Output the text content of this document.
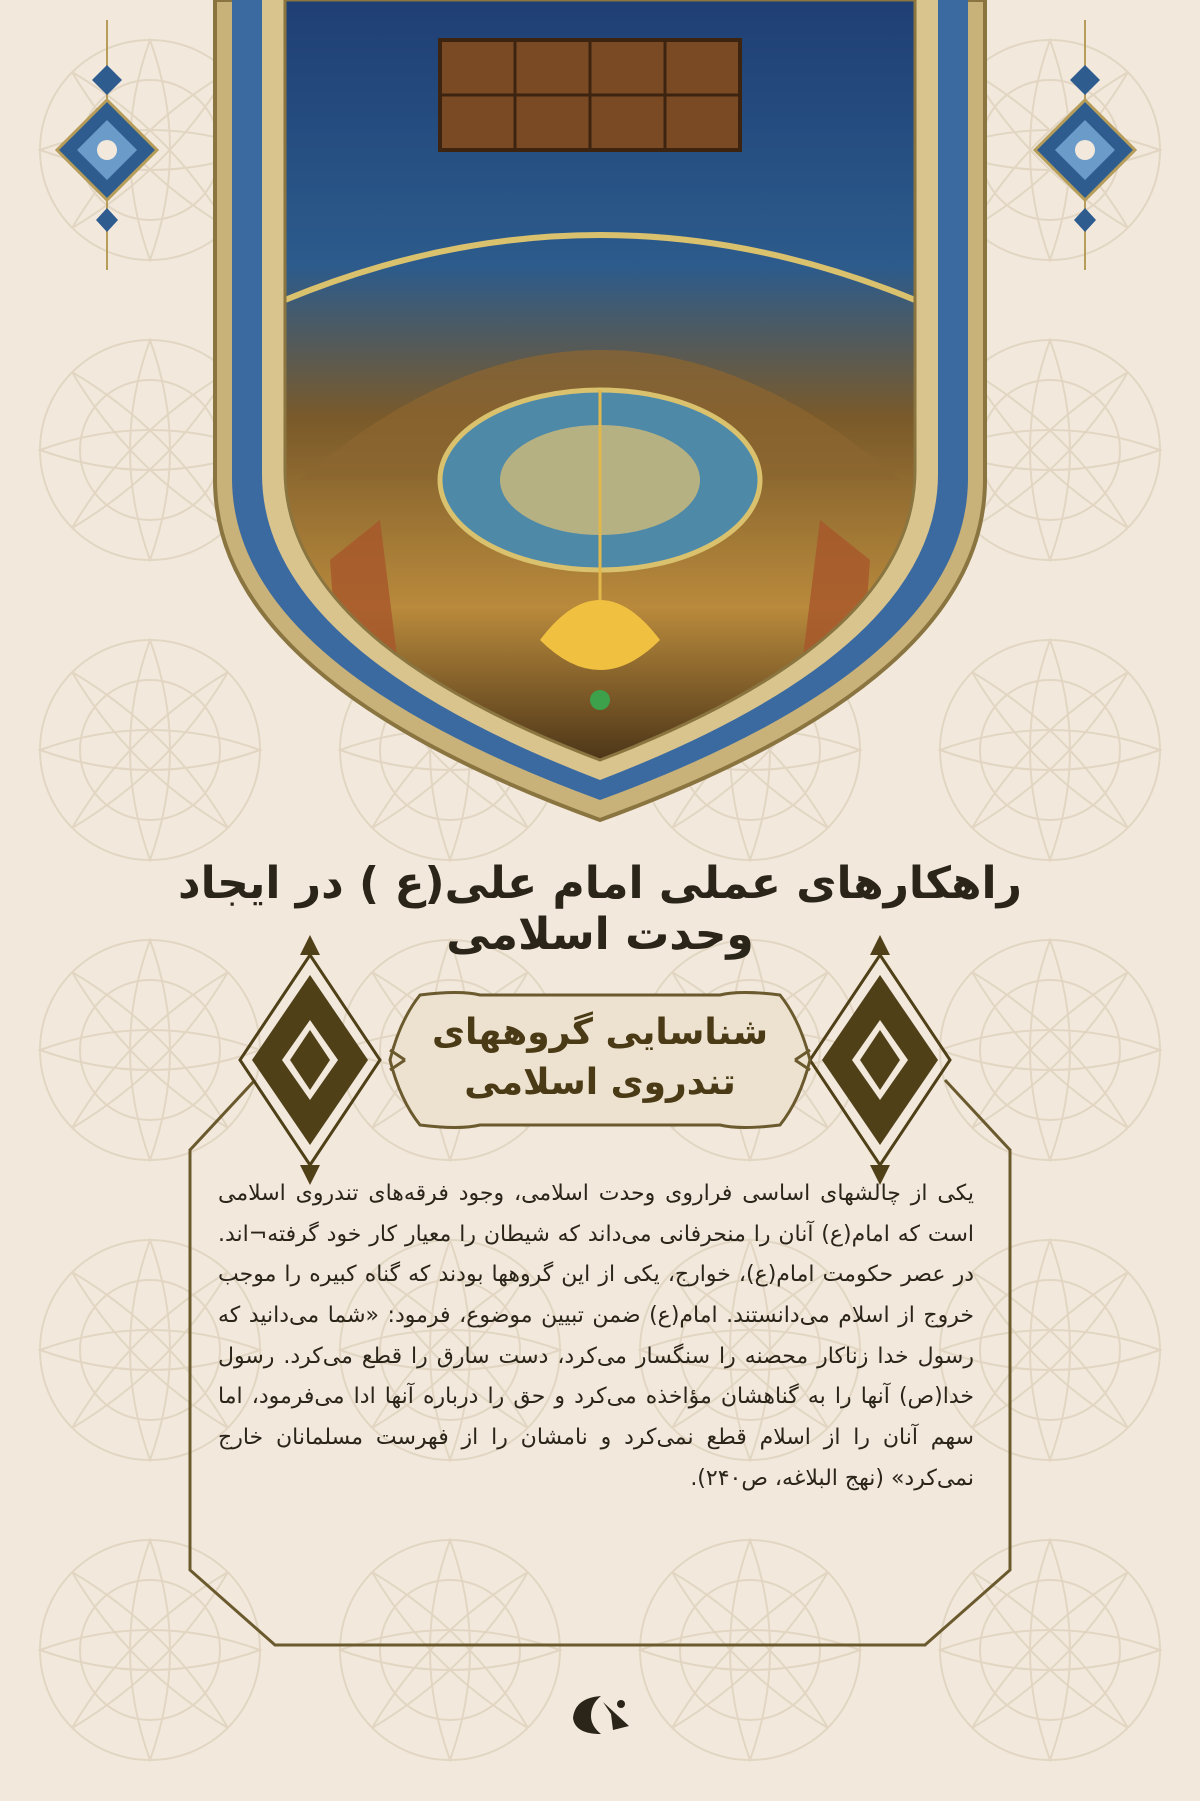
راهکارهای عملی امام علی(ع ) در ایجاد وحدت اسلامی
شناسایی گروههای
تندروی اسلامی

یکی از چالشهای اساسی فراروی وحدت اسلامی، وجود فرقه‌های تندروی اسلامی است که امام(ع) آنان را منحرفانی می‌داند که شیطان را معیار کار خود گرفته¬اند. در عصر حکومت امام(ع)، خوارج، یکی از این گروهها بودند که گناه کبیره را موجب خروج از اسلام می‌دانستند. امام(ع) ضمن تبیین موضوع، فرمود: «شما می‌دانید که رسول خدا زناکار محصنه را سنگسار می‌کرد، دست سارق را قطع می‌کرد. رسول خدا(ص) آنها را به گناهشان مؤاخذه می‌کرد و حق را درباره آنها ادا می‌فرمود، اما سهم آنان را از اسلام قطع نمی‌کرد و نامشان را از فهرست مسلمانان خارج نمی‌کرد» (نهج البلاغه، ص۲۴۰).
